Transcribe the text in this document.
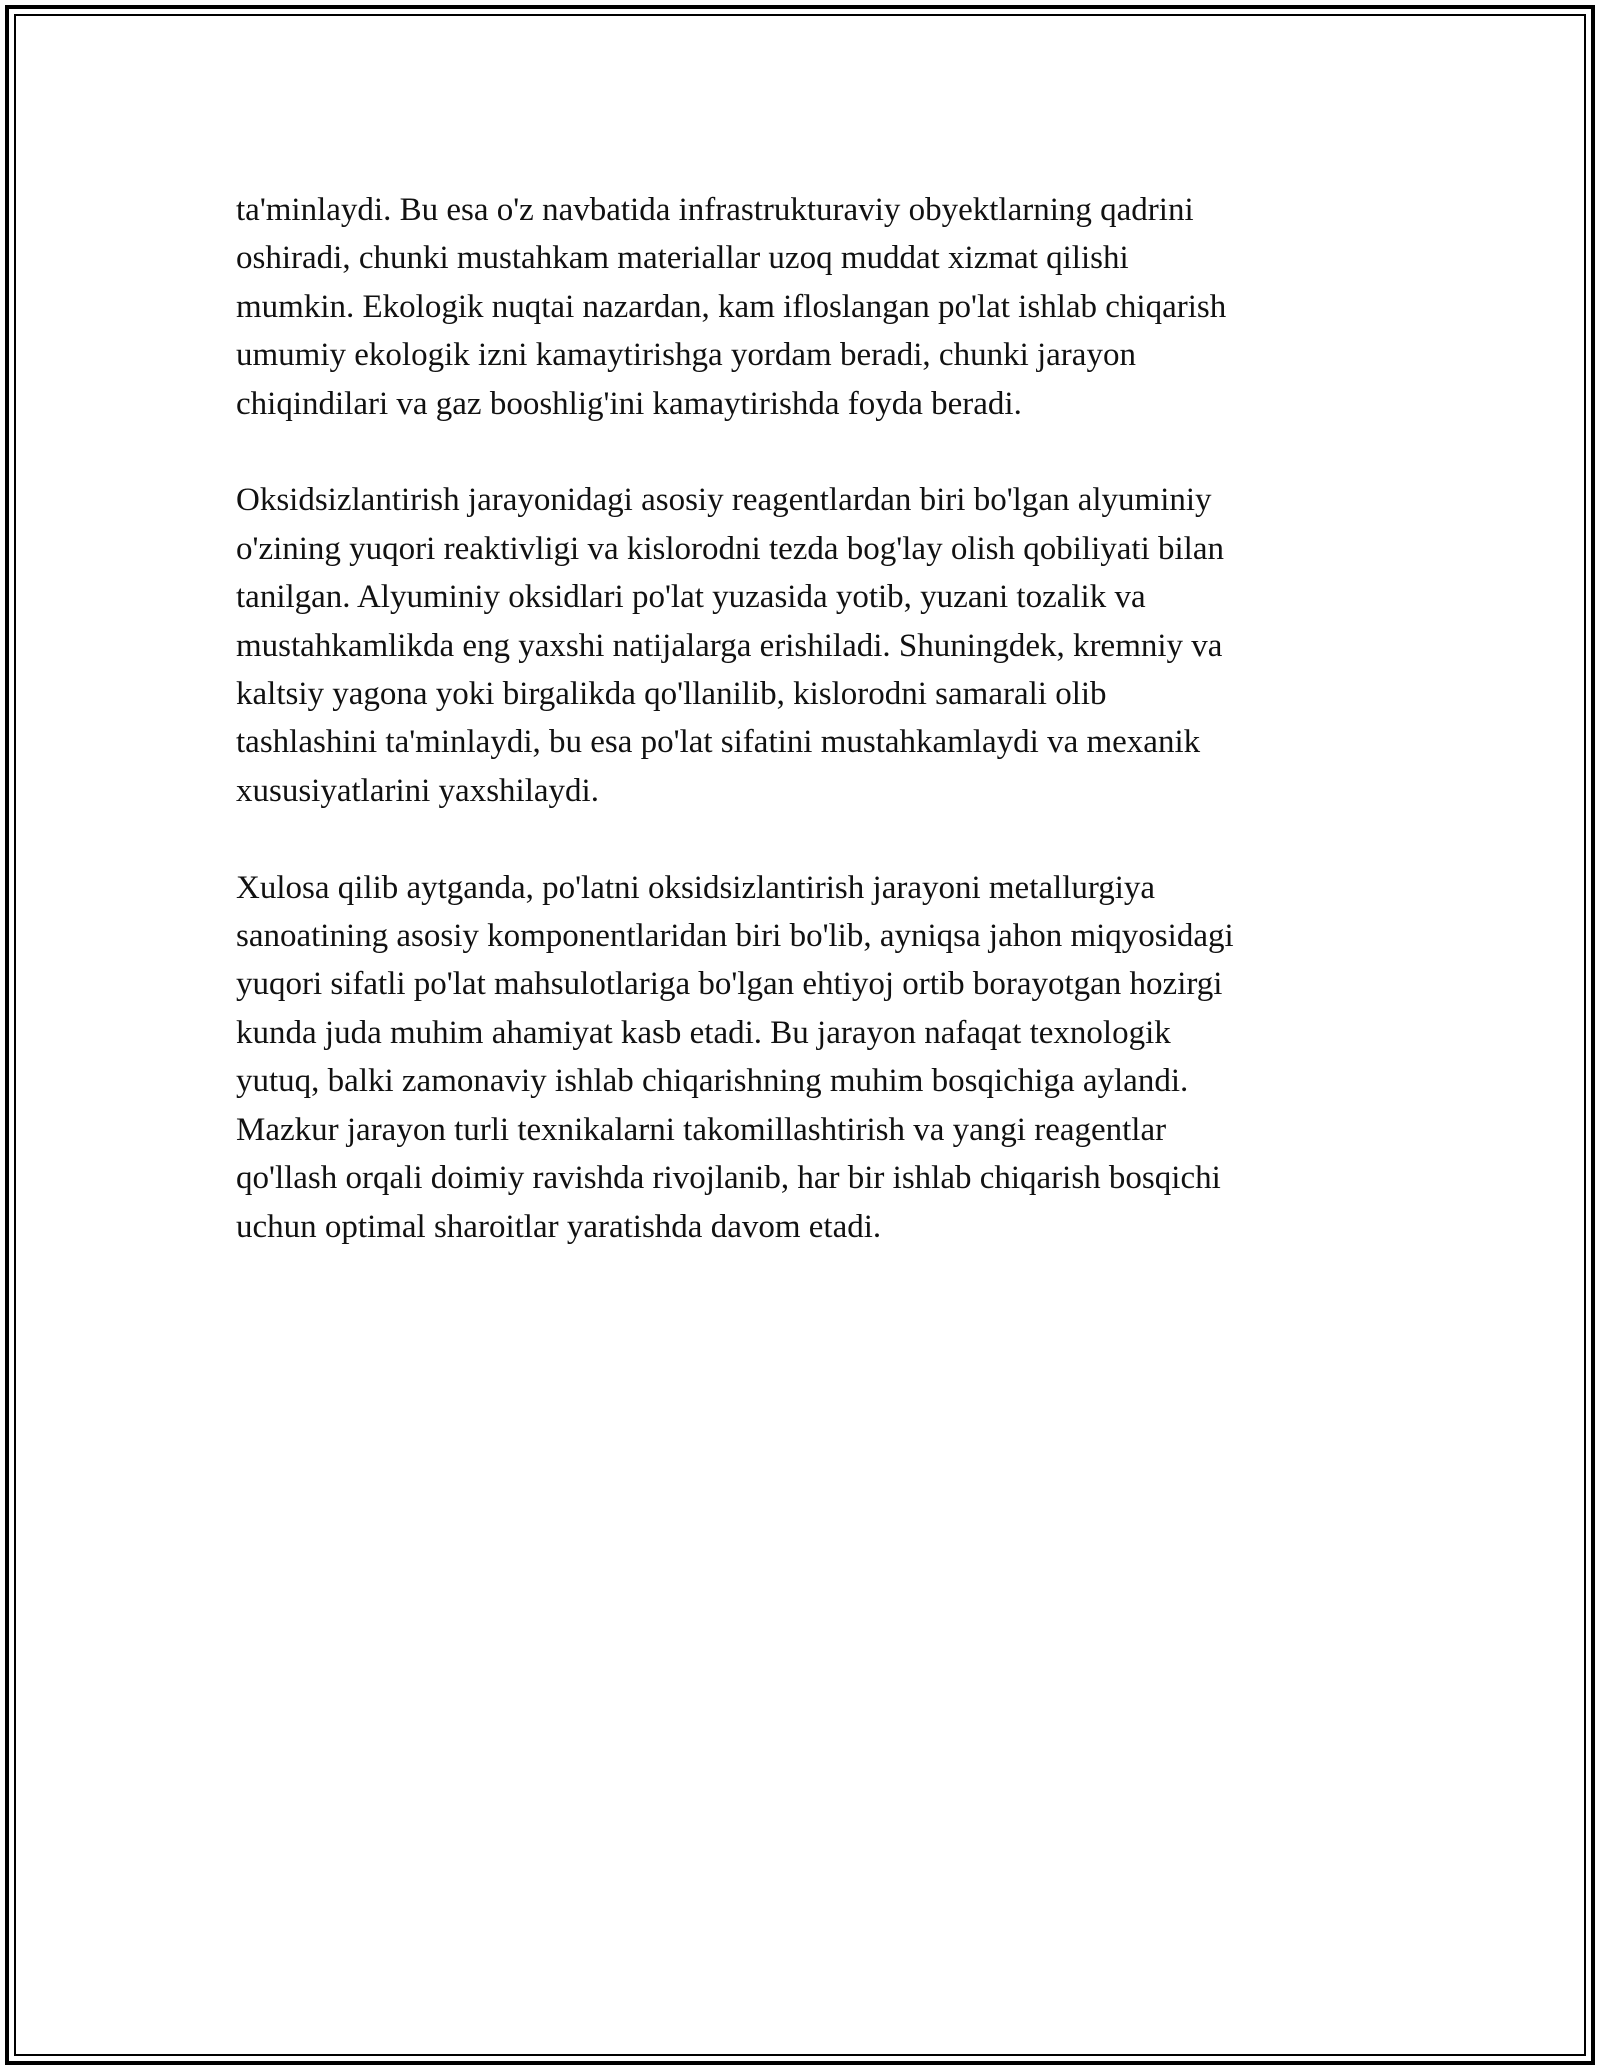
ta'minlaydi. Bu esa o'z navbatida infrastrukturaviy obyektlarning qadrini
oshiradi, chunki mustahkam materiallar uzoq muddat xizmat qilishi
mumkin. Ekologik nuqtai nazardan, kam ifloslangan po'lat ishlab chiqarish
umumiy ekologik izni kamaytirishga yordam beradi, chunki jarayon
chiqindilari va gaz booshlig'ini kamaytirishda foyda beradi.

Oksidsizlantirish jarayonidagi asosiy reagentlardan biri bo'lgan alyuminiy
o'zining yuqori reaktivligi va kislorodni tezda bog'lay olish qobiliyati bilan
tanilgan. Alyuminiy oksidlari po'lat yuzasida yotib, yuzani tozalik va
mustahkamlikda eng yaxshi natijalarga erishiladi. Shuningdek, kremniy va
kaltsiy yagona yoki birgalikda qo'llanilib, kislorodni samarali olib
tashlashini ta'minlaydi, bu esa po'lat sifatini mustahkamlaydi va mexanik
xususiyatlarini yaxshilaydi.

Xulosa qilib aytganda, po'latni oksidsizlantirish jarayoni metallurgiya
sanoatining asosiy komponentlaridan biri bo'lib, ayniqsa jahon miqyosidagi
yuqori sifatli po'lat mahsulotlariga bo'lgan ehtiyoj ortib borayotgan hozirgi
kunda juda muhim ahamiyat kasb etadi. Bu jarayon nafaqat texnologik
yutuq, balki zamonaviy ishlab chiqarishning muhim bosqichiga aylandi.
Mazkur jarayon turli texnikalarni takomillashtirish va yangi reagentlar
qo'llash orqali doimiy ravishda rivojlanib, har bir ishlab chiqarish bosqichi
uchun optimal sharoitlar yaratishda davom etadi.
